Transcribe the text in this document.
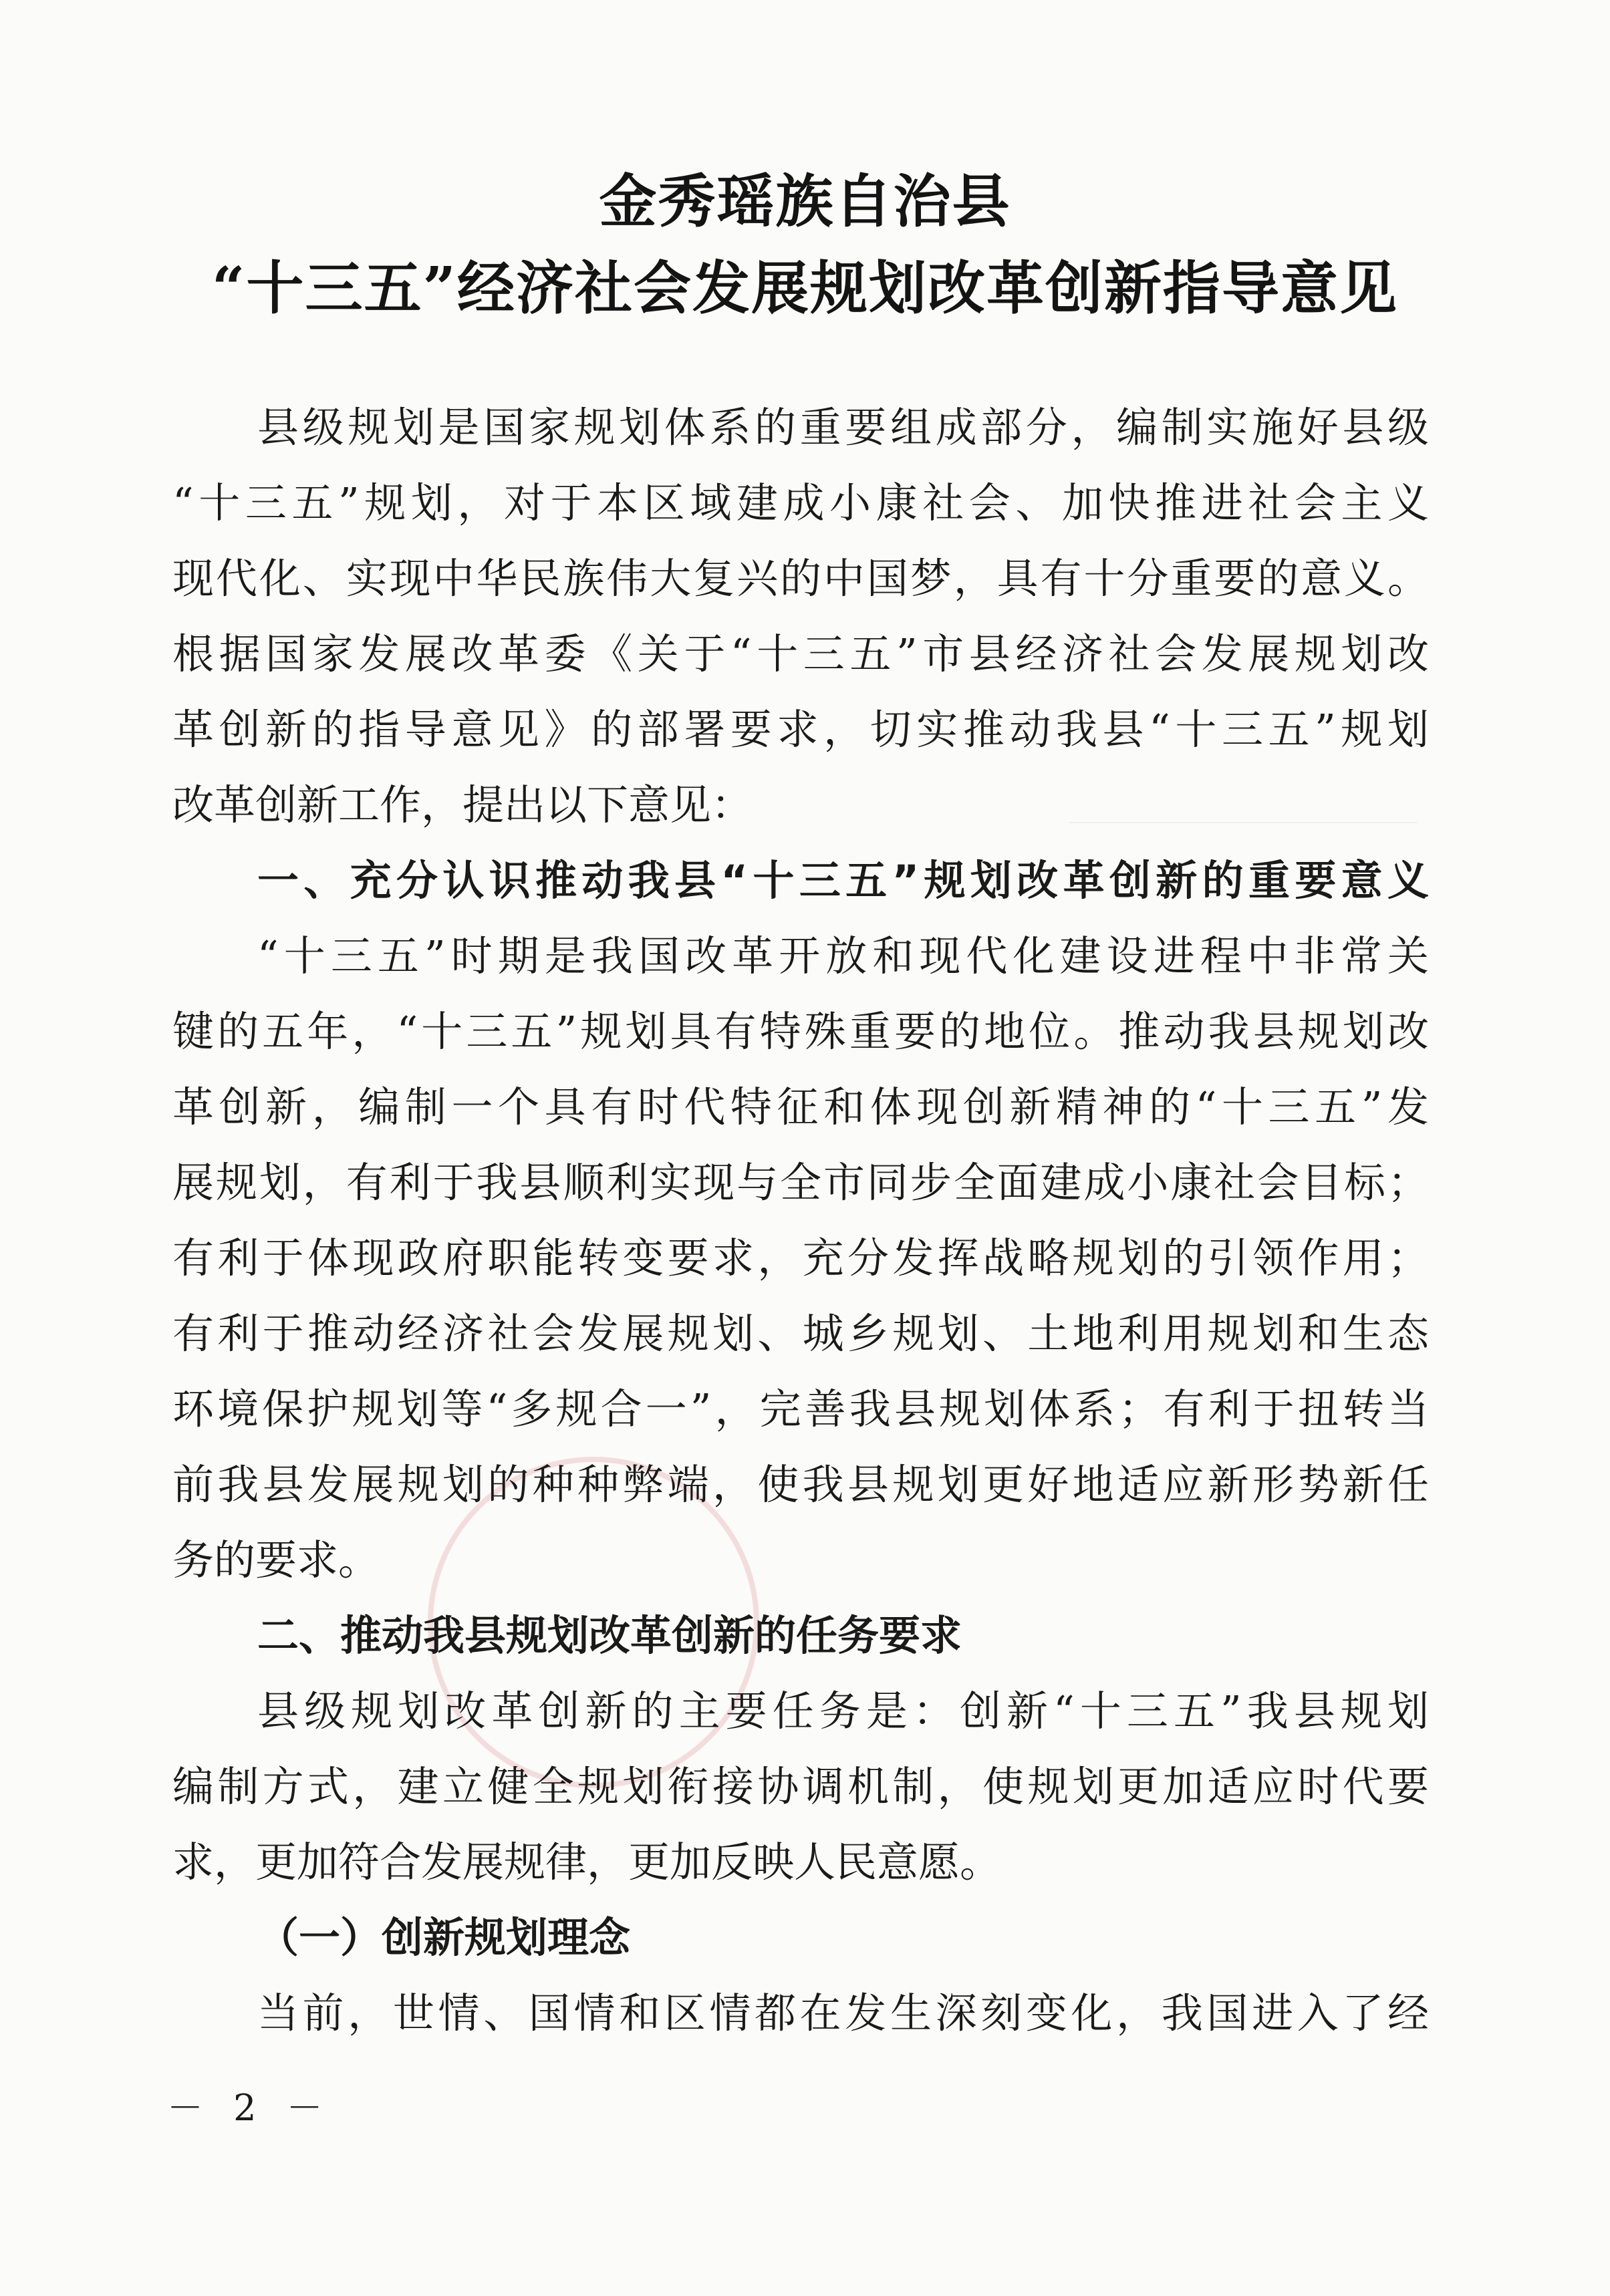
金秀瑶族自治县
“十三五”经济社会发展规划改革创新指导意见
县级规划是国家规划体系的重要组成部分，编制实施好县级
“十三五”规划，对于本区域建成小康社会、加快推进社会主义
现代化、实现中华民族伟大复兴的中国梦，具有十分重要的意义。
根据国家发展改革委《关于“十三五”市县经济社会发展规划改
革创新的指导意见》的部署要求，切实推动我县“十三五”规划
改革创新工作，提出以下意见：
一、充分认识推动我县“十三五”规划改革创新的重要意义
“十三五”时期是我国改革开放和现代化建设进程中非常关
键的五年，“十三五”规划具有特殊重要的地位。推动我县规划改
革创新，编制一个具有时代特征和体现创新精神的“十三五”发
展规划，有利于我县顺利实现与全市同步全面建成小康社会目标；
有利于体现政府职能转变要求，充分发挥战略规划的引领作用；
有利于推动经济社会发展规划、城乡规划、土地利用规划和生态
环境保护规划等“多规合一”，完善我县规划体系；有利于扭转当
前我县发展规划的种种弊端，使我县规划更好地适应新形势新任
务的要求。
二、推动我县规划改革创新的任务要求
县级规划改革创新的主要任务是：创新“十三五”我县规划
编制方式，建立健全规划衔接协调机制，使规划更加适应时代要
求，更加符合发展规律，更加反映人民意愿。
（一）创新规划理念
当前，世情、国情和区情都在发生深刻变化，我国进入了经
－ 2 －
